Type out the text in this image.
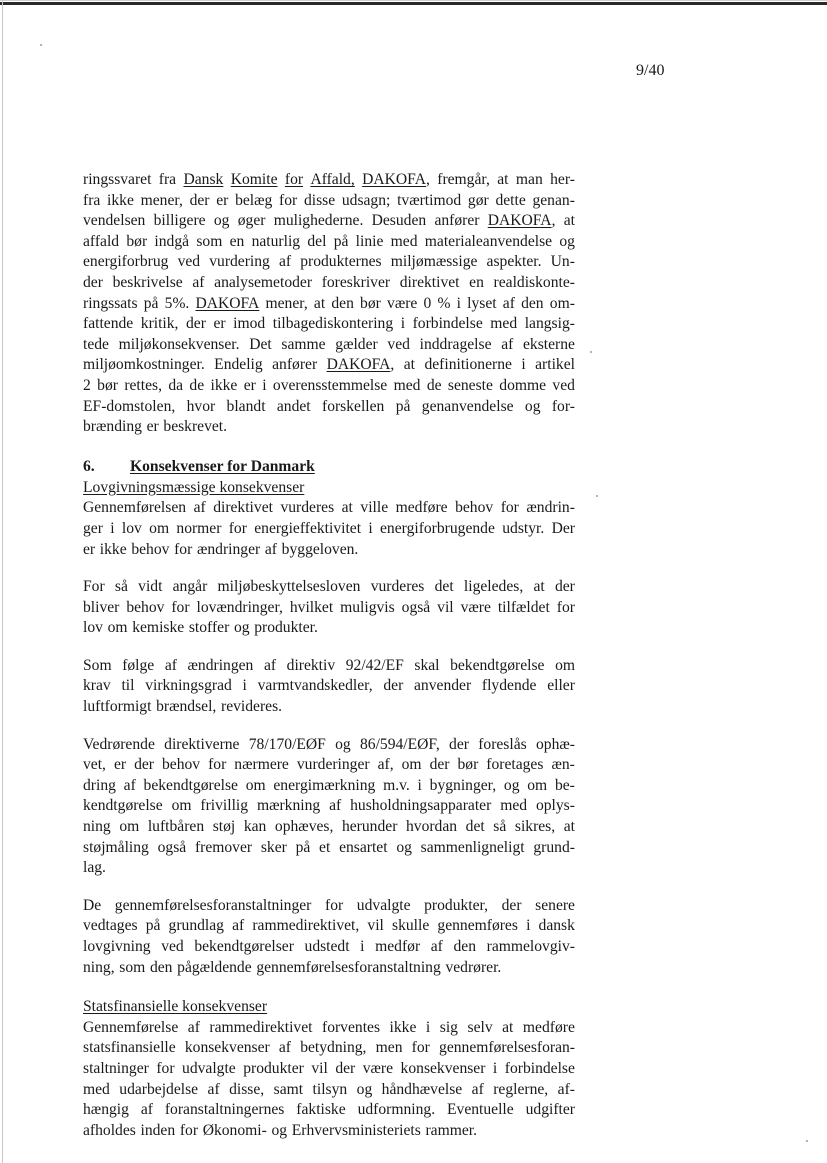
9/40
ringssvaret fra Dansk Komite for Affald, DAKOFA, fremgår, at man her-
fra ikke mener, der er belæg for disse udsagn; tværtimod gør dette genan-
vendelsen billigere og øger mulighederne. Desuden anfører DAKOFA, at
affald bør indgå som en naturlig del på linie med materialeanvendelse og
energiforbrug ved vurdering af produkternes miljømæssige aspekter. Un-
der beskrivelse af analysemetoder foreskriver direktivet en realdiskonte-
ringssats på 5%. DAKOFA mener, at den bør være 0 % i lyset af den om-
fattende kritik, der er imod tilbagediskontering i forbindelse med langsig-
tede miljøkonsekvenser. Det samme gælder ved inddragelse af eksterne
miljøomkostninger. Endelig anfører DAKOFA, at definitionerne i artikel
2 bør rettes, da de ikke er i overensstemmelse med de seneste domme ved
EF-domstolen, hvor blandt andet forskellen på genanvendelse og for-
brænding er beskrevet.
6.	Konsekvenser for Danmark
Lovgivningsmæssige konsekvenser
Gennemførelsen af direktivet vurderes at ville medføre behov for ændrin-
ger i lov om normer for energieffektivitet i energiforbrugende udstyr. Der
er ikke behov for ændringer af byggeloven.
For så vidt angår miljøbeskyttelsesloven vurderes det ligeledes, at der
bliver behov for lovændringer, hvilket muligvis også vil være tilfældet for
lov om kemiske stoffer og produkter.
Som følge af ændringen af direktiv 92/42/EF skal bekendtgørelse om
krav til virkningsgrad i varmtvandskedler, der anvender flydende eller
luftformigt brændsel, revideres.
Vedrørende direktiverne 78/170/EØF og 86/594/EØF, der foreslås ophæ-
vet, er der behov for nærmere vurderinger af, om der bør foretages æn-
dring af bekendtgørelse om energimærkning m.v. i bygninger, og om be-
kendtgørelse om frivillig mærkning af husholdningsapparater med oplys-
ning om luftbåren støj kan ophæves, herunder hvordan det så sikres, at
støjmåling også fremover sker på et ensartet og sammenligneligt grund-
lag.
De gennemførelsesforanstaltninger for udvalgte produkter, der senere
vedtages på grundlag af rammedirektivet, vil skulle gennemføres i dansk
lovgivning ved bekendtgørelser udstedt i medfør af den rammelovgiv-
ning, som den pågældende gennemførelsesforanstaltning vedrører.
Statsfinansielle konsekvenser
Gennemførelse af rammedirektivet forventes ikke i sig selv at medføre
statsfinansielle konsekvenser af betydning, men for gennemførelsesforan-
staltninger for udvalgte produkter vil der være konsekvenser i forbindelse
med udarbejdelse af disse, samt tilsyn og håndhævelse af reglerne, af-
hængig af foranstaltningernes faktiske udformning. Eventuelle udgifter
afholdes inden for Økonomi- og Erhvervsministeriets rammer.
